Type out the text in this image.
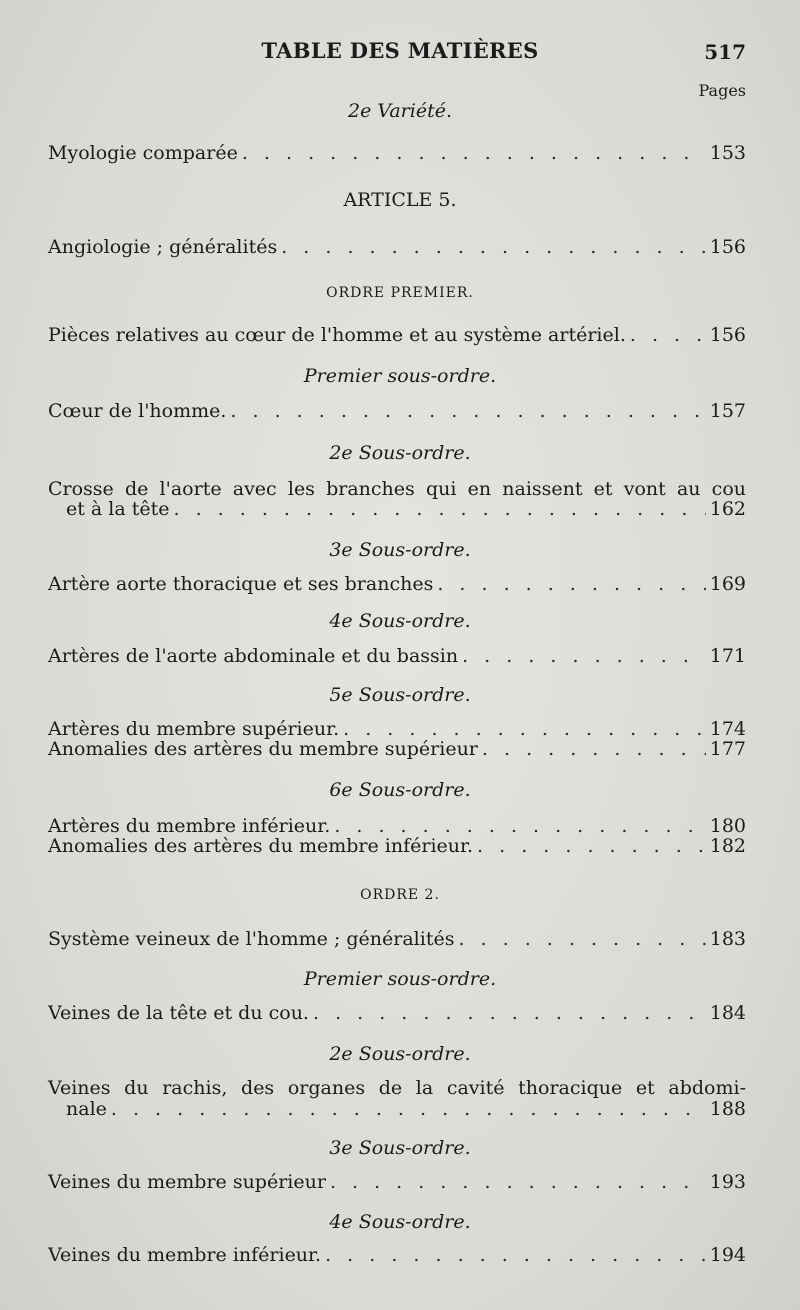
TABLE DES MATIÈRES	517
Pages
2e Variété.
Myologie comparée . . .	153
ARTICLE 5.
Angiologie ; généralités . . .	156
ORDRE PREMIER.
Pièces relatives au cœur de l'homme et au système artériel. . . .	156
Premier sous-ordre.
Cœur de l'homme. . . .	157
2e Sous-ordre.
Crosse de l'aorte avec les branches qui en naissent et vont au cou
et à la tête . . .	162
3e Sous-ordre.
Artère aorte thoracique et ses branches . . .	169
4e Sous-ordre.
Artères de l'aorte abdominale et du bassin . . .	171
5e Sous-ordre.
Artères du membre supérieur. . . .	174
Anomalies des artères du membre supérieur . . .	177
6e Sous-ordre.
Artères du membre inférieur. . . .	180
Anomalies des artères du membre inférieur. . . .	182
ORDRE 2.
Système veineux de l'homme ; généralités . . .	183
Premier sous-ordre.
Veines de la tête et du cou. . . .	184
2e Sous-ordre.
Veines du rachis, des organes de la cavité thoracique et abdomi-
nale . . .	188
3e Sous-ordre.
Veines du membre supérieur . . .	193
4e Sous-ordre.
Veines du membre inférieur. . . .	194
